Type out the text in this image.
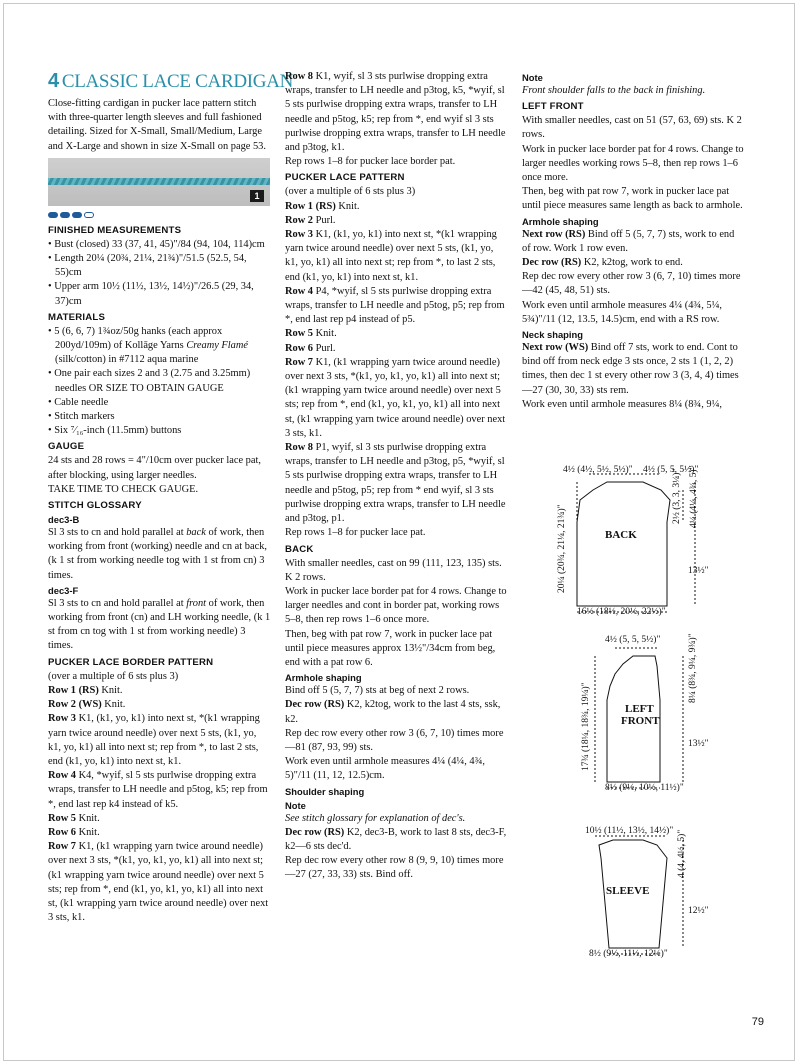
4 CLASSIC LACE CARDIGAN

Close-fitting cardigan in pucker lace pattern stitch with three-quarter length sleeves and full fashioned detailing. Sized for X-Small, Small/Medium, Large and X-Large and shown in size X-Small on page 53.

1
FINISHED MEASUREMENTS
• Bust (closed) 33 (37, 41, 45)"/84 (94, 104, 114)cm
• Length 20¼ (20¾, 21¼, 21¾)"/51.5 (52.5, 54, 55)cm
• Upper arm 10½ (11½, 13½, 14½)"/26.5 (29, 34, 37)cm
MATERIALS
• 5 (6, 6, 7) 1¾oz/50g hanks (each approx 200yd/109m) of Kollāge Yarns Creamy Flamé (silk/cotton) in #7112 aqua marine
• One pair each sizes 2 and 3 (2.75 and 3.25mm) needles OR SIZE TO OBTAIN GAUGE
• Cable needle
• Stitch markers
• Six ⁷⁄₁₆-inch (11.5mm) buttons
GAUGE

24 sts and 28 rows = 4"/10cm over pucker lace pat, after blocking, using larger needles.

TAKE TIME TO CHECK GAUGE.

STITCH GLOSSARY
dec3-B

Sl 3 sts to cn and hold parallel at back of work, then working from front (working) needle and cn at back, (k 1 st from working needle tog with 1 st from cn) 3 times.

dec3-F

Sl 3 sts to cn and hold parallel at front of work, then working from front (cn) and LH working needle, (k 1 st from cn tog with 1 st from working needle) 3 times.

PUCKER LACE BORDER PATTERN

(over a multiple of 6 sts plus 3)

Row 1 (RS) Knit.

Row 2 (WS) Knit.

Row 3 K1, (k1, yo, k1) into next st, *(k1 wrapping yarn twice around needle) over next 5 sts, (k1, yo, k1, yo, k1) all into next st; rep from *, to last 2 sts, end (k1, yo, k1) into next st, k1.

Row 4 K4, *wyif, sl 5 sts purlwise dropping extra wraps, transfer to LH needle and p5tog, k5; rep from *, end last rep k4 instead of k5.

Row 5 Knit.

Row 6 Knit.

Row 7 K1, (k1 wrapping yarn twice around needle) over next 3 sts, *(k1, yo, k1, yo, k1) all into next st; (k1 wrapping yarn twice around needle) over next 5 sts; rep from *, end (k1, yo, k1, yo, k1) all into next st, (k1 wrapping yarn twice around needle) over next 3 sts, k1.

Row 8 K1, wyif, sl 3 sts purlwise dropping extra wraps, transfer to LH needle and p3tog, k5, *wyif, sl 5 sts purlwise dropping extra wraps, transfer to LH needle and p5tog, k5; rep from *, end wyif sl 3 sts purlwise dropping extra wraps, transfer to LH needle and p3tog, k1.

Rep rows 1–8 for pucker lace border pat.

PUCKER LACE PATTERN

(over a multiple of 6 sts plus 3)

Row 1 (RS) Knit.

Row 2 Purl.

Row 3 K1, (k1, yo, k1) into next st, *(k1 wrapping yarn twice around needle) over next 5 sts, (k1, yo, k1, yo, k1) all into next st; rep from *, to last 2 sts, end (k1, yo, k1) into next st, k1.

Row 4 P4, *wyif, sl 5 sts purlwise dropping extra wraps, transfer to LH needle and p5tog, p5; rep from *, end last rep p4 instead of p5.

Row 5 Knit.

Row 6 Purl.

Row 7 K1, (k1 wrapping yarn twice around needle) over next 3 sts, *(k1, yo, k1, yo, k1) all into next st; (k1 wrapping yarn twice around needle) over next 5 sts; rep from *, end (k1, yo, k1, yo, k1) all into next st, (k1 wrapping yarn twice around needle) over next 3 sts, k1.

Row 8 P1, wyif, sl 3 sts purlwise dropping extra wraps, transfer to LH needle and p3tog, p5, *wyif, sl 5 sts purlwise dropping extra wraps, transfer to LH needle and p5tog, p5; rep from * end wyif, sl 3 sts purlwise dropping extra wraps, transfer to LH needle and p3tog, p1.

Rep rows 1–8 for pucker lace pat.

BACK

With smaller needles, cast on 99 (111, 123, 135) sts. K 2 rows.

Work in pucker lace border pat for 4 rows. Change to larger needles and cont in border pat, working rows 5–8, then rep rows 1–6 once more.

Then, beg with pat row 7, work in pucker lace pat until piece measures approx 13½"/34cm from beg, end with a pat row 6.

Armhole shaping

Bind off 5 (5, 7, 7) sts at beg of next 2 rows.

Dec row (RS) K2, k2tog, work to the last 4 sts, ssk, k2.

Rep dec row every other row 3 (6, 7, 10) times more—81 (87, 93, 99) sts.

Work even until armhole measures 4¼ (4¼, 4¾, 5)"/11 (11, 12, 12.5)cm.

Shoulder shaping
Note

See stitch glossary for explanation of dec's.

Dec row (RS) K2, dec3-B, work to last 8 sts, dec3-F, k2—6 sts dec'd.

Rep dec row every other row 8 (9, 9, 10) times more—27 (27, 33, 33) sts. Bind off.

Note

Front shoulder falls to the back in finishing.

LEFT FRONT

With smaller needles, cast on 51 (57, 63, 69) sts. K 2 rows.

Work in pucker lace border pat for 4 rows. Change to larger needles working rows 5–8, then rep rows 1–6 once more.

Then, beg with pat row 7, work in pucker lace pat until piece measures same length as back to armhole.

Armhole shaping

Next row (RS) Bind off 5 (5, 7, 7) sts, work to end of row. Work 1 row even.

Dec row (RS) K2, k2tog, work to end.

Rep dec row every other row 3 (6, 7, 10) times more—42 (45, 48, 51) sts.

Work even until armhole measures 4¼ (4¾, 5¼, 5¾)"/11 (12, 13.5, 14.5)cm, end with a RS row.

Neck shaping

Next row (WS) Bind off 7 sts, work to end. Cont to bind off from neck edge 3 sts once, 2 sts 1 (1, 2, 2) times, then dec 1 st every other row 3 (3, 4, 4) times—27 (30, 30, 33) sts rem.

Work even until armhole measures 8¼ (8¾, 9¼,

4½ (4½, 5½, 5½)" 4½ (5, 5, 5½)"
BACK
2½ (3, 3, 3¼)" 4¼ (4¼, 4¾, 5)"
13½"
20¼ (20¾, 21¼, 21¾)"
16½ (18½, 20½, 22½)"
4½ (5, 5, 5½)"
LEFT
FRONT
8¼ (8¾, 9¼, 9¾)"
13½"
17¾ (18¼, 18¾, 19¼)"
8½ (9½, 10½, 11½)"
10½ (11½, 13½, 14½)"
SLEEVE
4 (4, 4½, 5)"
12½"
8½ (9½, 11½, 12½)"
79
